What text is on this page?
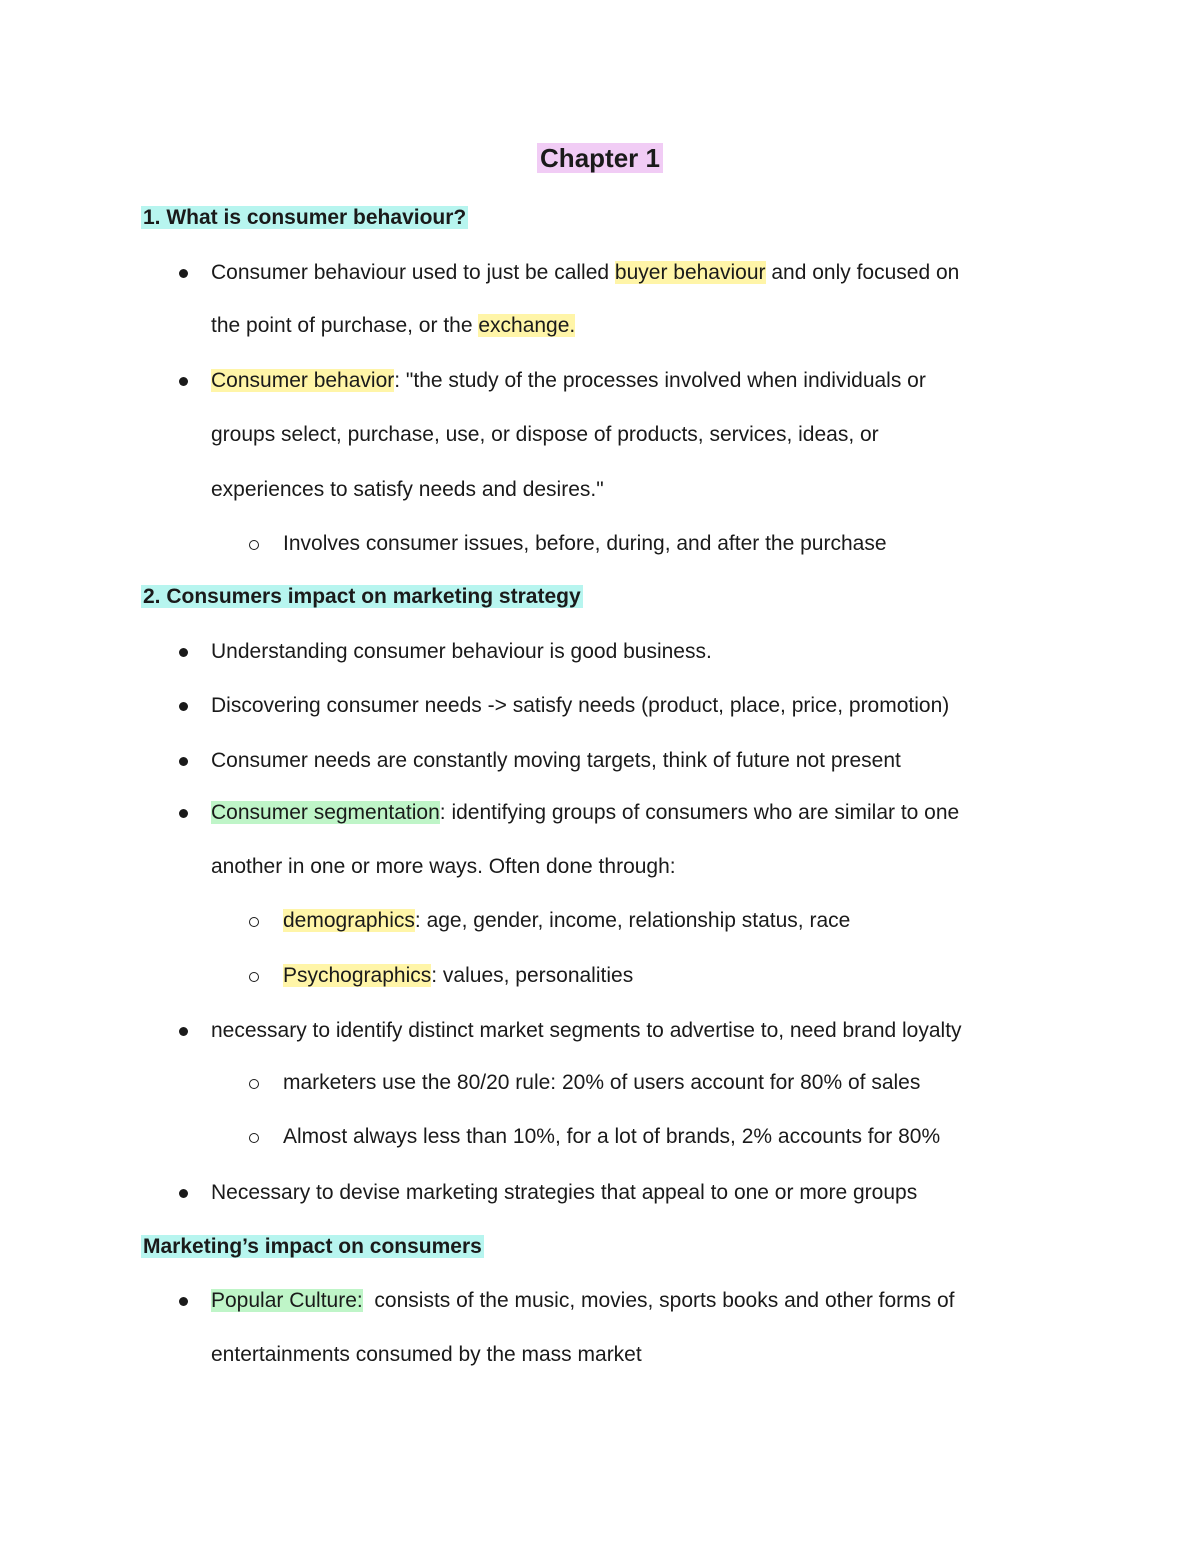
Chapter 1
1. What is consumer behaviour?
Consumer behaviour used to just be called buyer behaviour and only focused on
the point of purchase, or the exchange.
Consumer behavior: "the study of the processes involved when individuals or
groups select, purchase, use, or dispose of products, services, ideas, or
experiences to satisfy needs and desires."
Involves consumer issues, before, during, and after the purchase
2. Consumers impact on marketing strategy
Understanding consumer behaviour is good business.
Discovering consumer needs -> satisfy needs (product, place, price, promotion)
Consumer needs are constantly moving targets, think of future not present
Consumer segmentation: identifying groups of consumers who are similar to one
another in one or more ways. Often done through:
demographics: age, gender, income, relationship status, race
Psychographics: values, personalities
necessary to identify distinct market segments to advertise to, need brand loyalty
marketers use the 80/20 rule: 20% of users account for 80% of sales
Almost always less than 10%, for a lot of brands, 2% accounts for 80%
Necessary to devise marketing strategies that appeal to one or more groups
Marketing’s impact on consumers
Popular Culture:  consists of the music, movies, sports books and other forms of
entertainments consumed by the mass market
